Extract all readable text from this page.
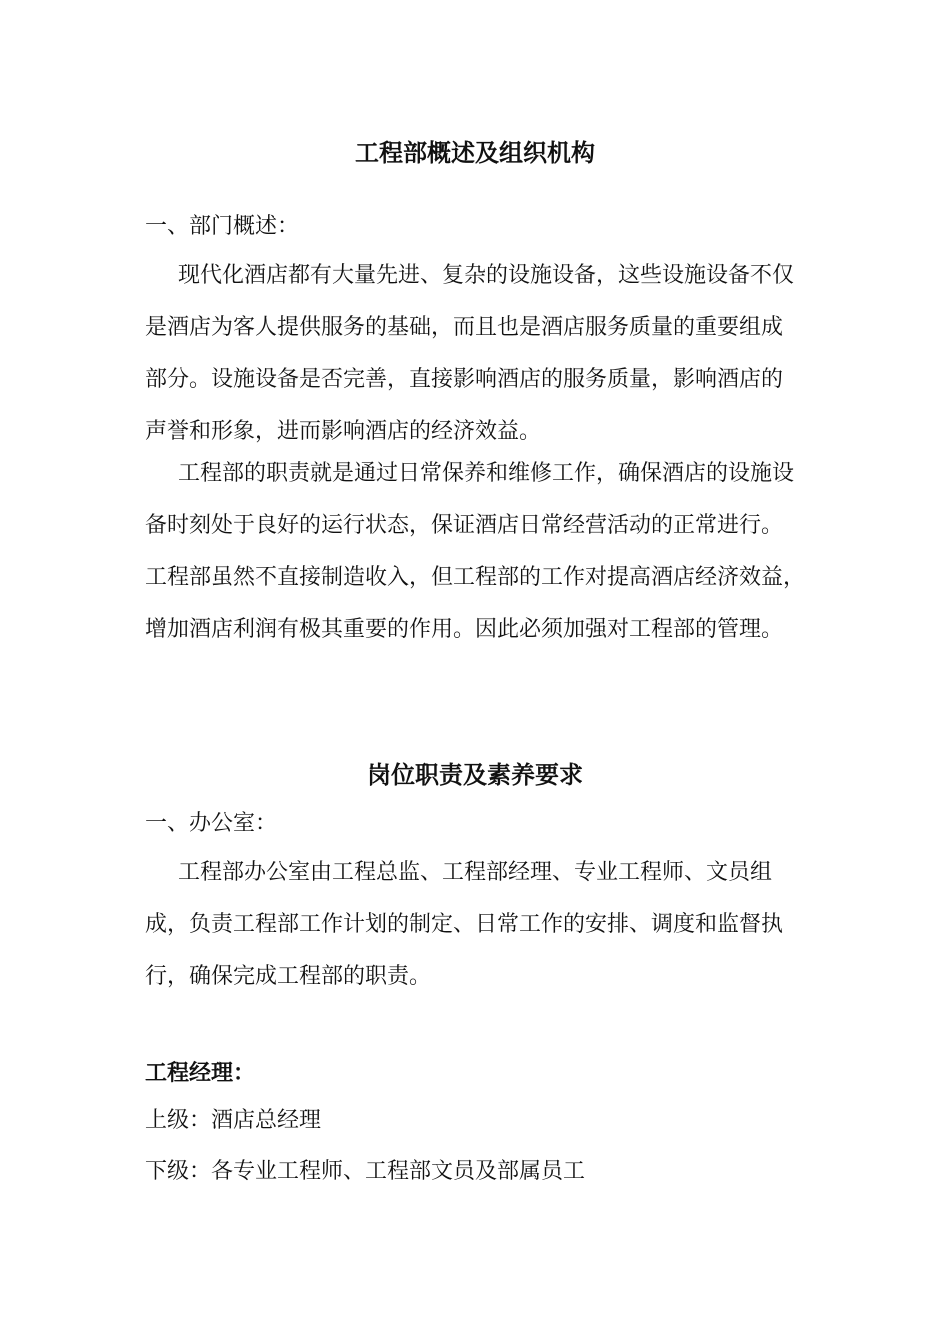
工程部概述及组织机构

一、部门概述：

现代化酒店都有大量先进、复杂的设施设备，这些设施设备不仅
是酒店为客人提供服务的基础，而且也是酒店服务质量的重要组成
部分。设施设备是否完善，直接影响酒店的服务质量，影响酒店的
声誉和形象，进而影响酒店的经济效益。

工程部的职责就是通过日常保养和维修工作，确保酒店的设施设
备时刻处于良好的运行状态，保证酒店日常经营活动的正常进行。
工程部虽然不直接制造收入，但工程部的工作对提高酒店经济效益，
增加酒店利润有极其重要的作用。因此必须加强对工程部的管理。

岗位职责及素养要求

一、办公室：

工程部办公室由工程总监、工程部经理、专业工程师、文员组
成，负责工程部工作计划的制定、日常工作的安排、调度和监督执
行，确保完成工程部的职责。

工程经理：

上级：酒店总经理

下级：各专业工程师、工程部文员及部属员工
